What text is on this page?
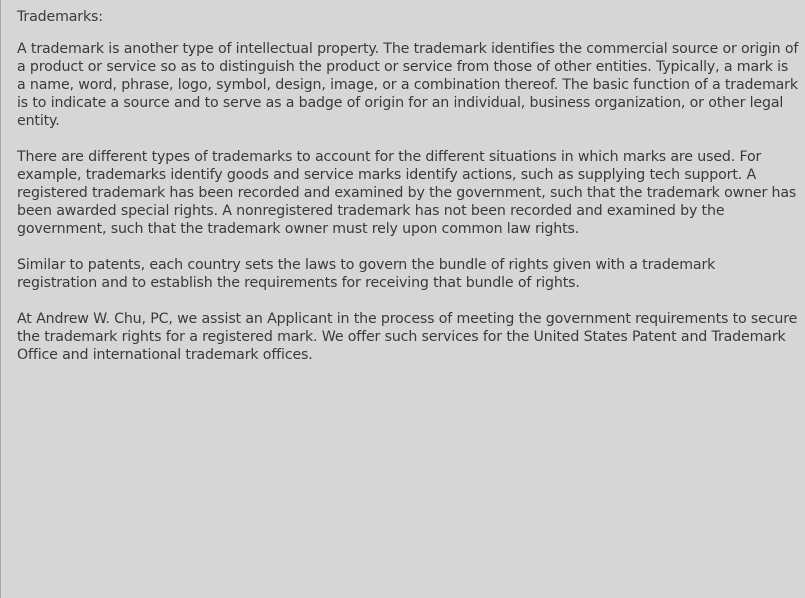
Trademarks:

A trademark is another type of intellectual property. The trademark identifies the commercial source or origin of a product or service so as to distinguish the product or service from those of other entities. Typically, a mark is a name, word, phrase, logo, symbol, design, image, or a combination thereof. The basic function of a trademark is to indicate a source and to serve as a badge of origin for an individual, business organization, or other legal entity.

There are different types of trademarks to account for the different situations in which marks are used. For example, trademarks identify goods and service marks identify actions, such as supplying tech support. A registered trademark has been recorded and examined by the government, such that the trademark owner has been awarded special rights. A nonregistered trademark has not been recorded and examined by the government, such that the trademark owner must rely upon common law rights.

Similar to patents, each country sets the laws to govern the bundle of rights given with a trademark registration and to establish the requirements for receiving that bundle of rights.

At Andrew W. Chu, PC, we assist an Applicant in the process of meeting the government requirements to secure the trademark rights for a registered mark. We offer such services for the United States Patent and Trademark Office and international trademark offices.
